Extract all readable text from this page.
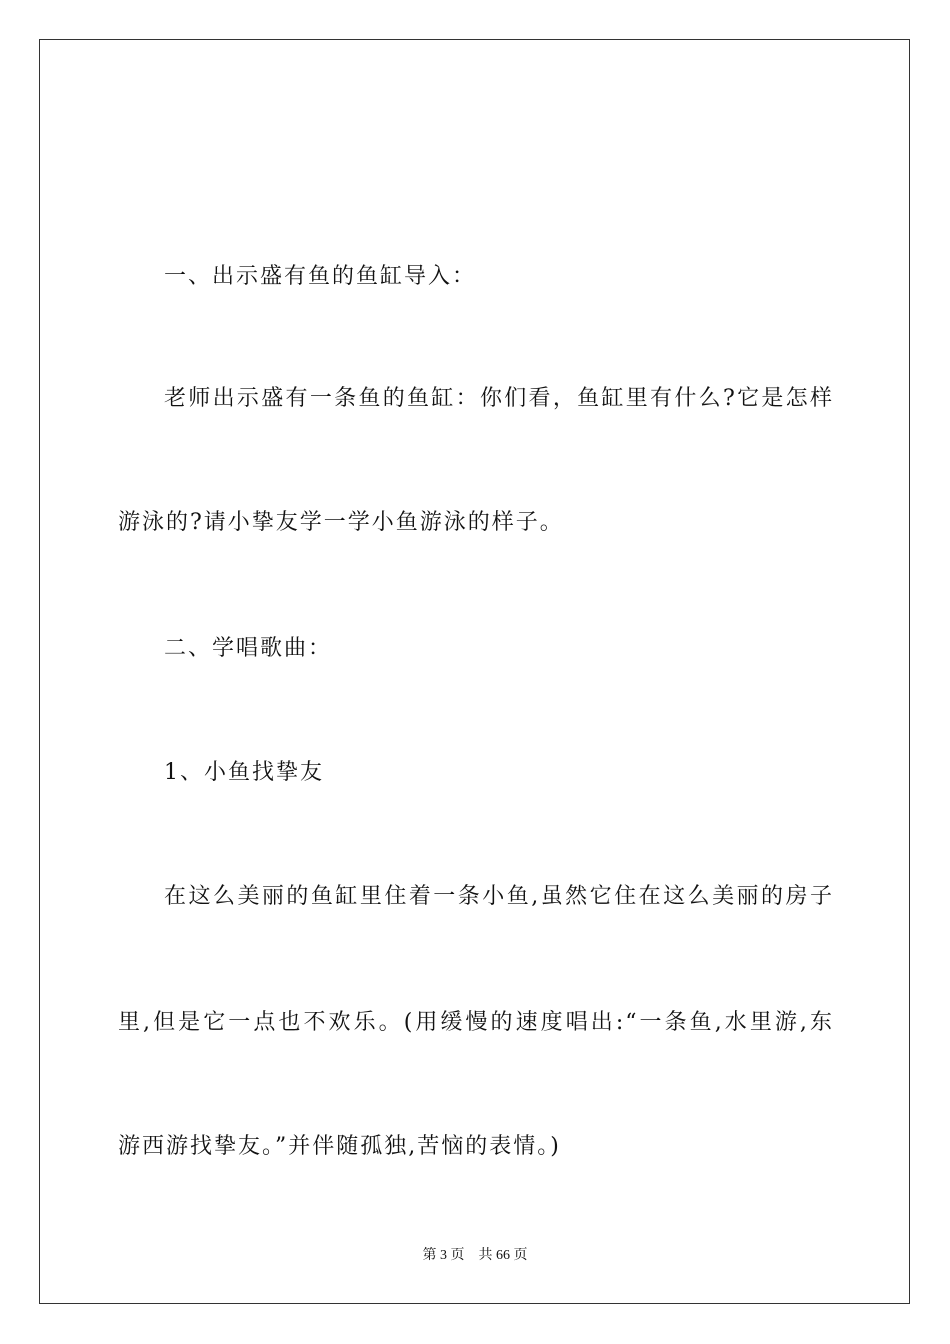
一、出示盛有鱼的鱼缸导入：
老师出示盛有一条鱼的鱼缸：你们看，鱼缸里有什么?它是怎样
游泳的?请小挚友学一学小鱼游泳的样子。
二、学唱歌曲：
1、小鱼找挚友
在这么美丽的鱼缸里住着一条小鱼,虽然它住在这么美丽的房子
里,但是它一点也不欢乐。(用缓慢的速度唱出:“一条鱼,水里游,东
游西游找挚友。”并伴随孤独,苦恼的表情。)
第 3 页 共 66 页
